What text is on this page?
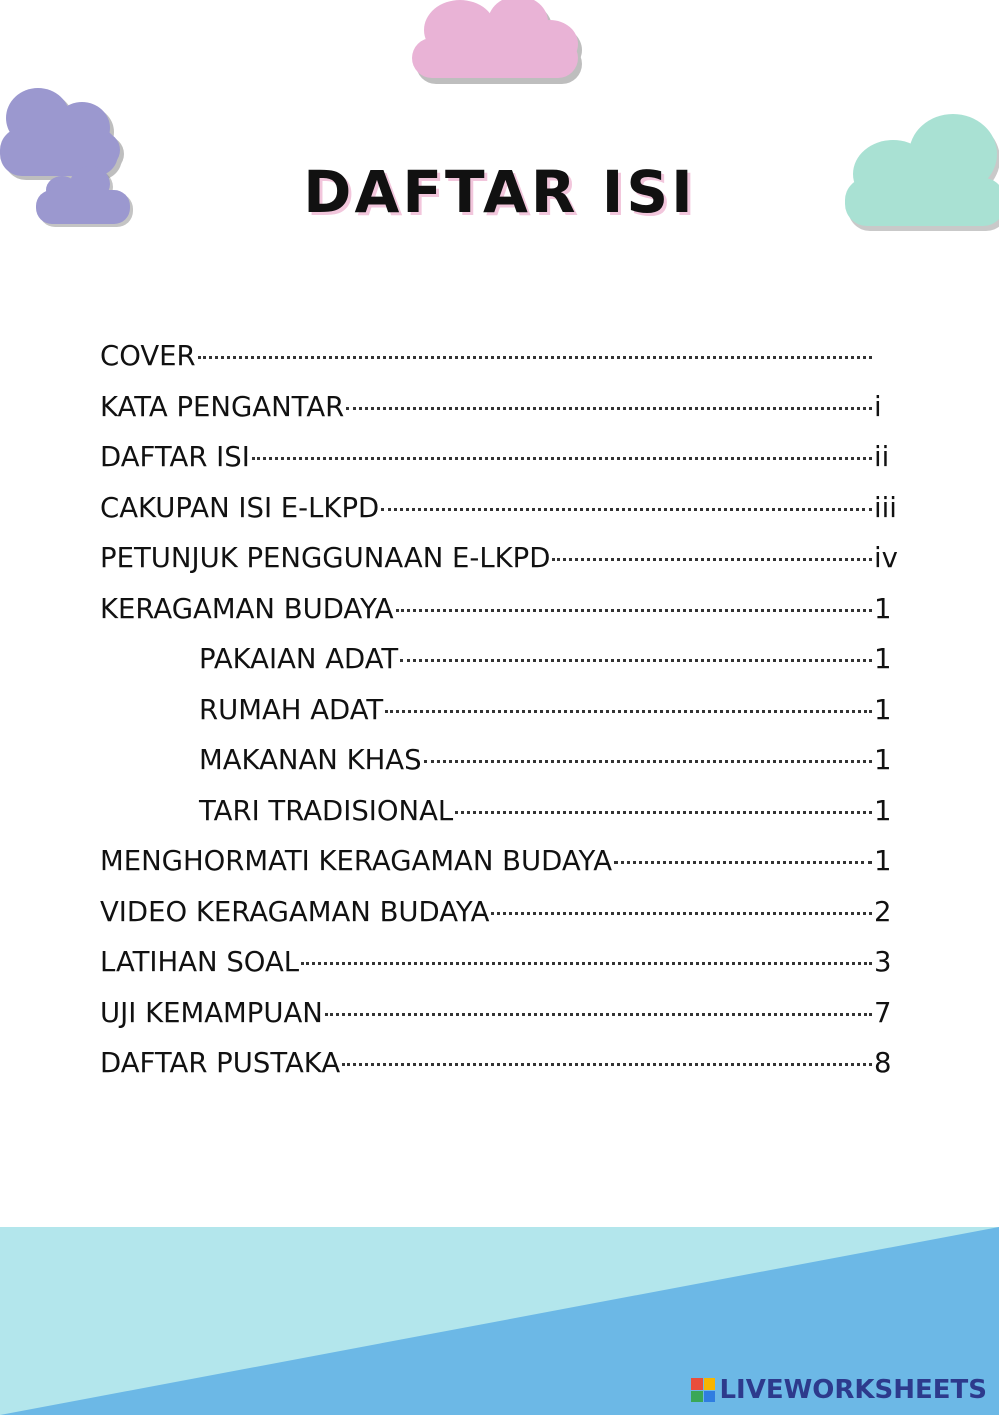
DAFTAR ISI
COVER
KATA PENGANTAR	i
DAFTAR ISI	ii
CAKUPAN ISI E-LKPD	iii
PETUNJUK PENGGUNAAN E-LKPD	iv
KERAGAMAN BUDAYA	1
PAKAIAN ADAT	1
RUMAH ADAT	1
MAKANAN KHAS	1
TARI TRADISIONAL	1
MENGHORMATI KERAGAMAN BUDAYA	1
VIDEO KERAGAMAN BUDAYA	2
LATIHAN SOAL	3
UJI KEMAMPUAN	7
DAFTAR PUSTAKA	8
LIVEWORKSHEETS
